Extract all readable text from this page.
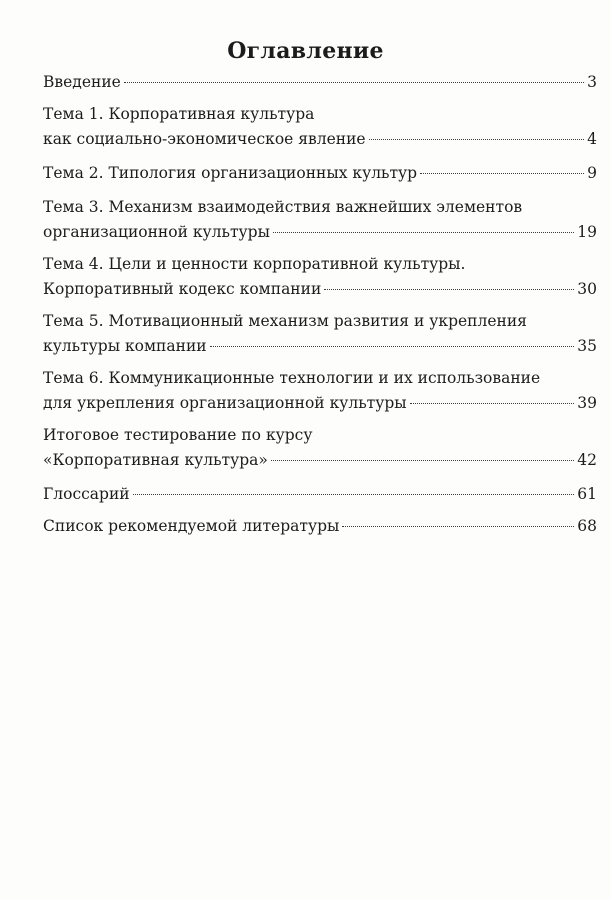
Оглавление
Введение	3
Тема 1. Корпоративная культура
как социально-экономическое явление	4
Тема 2. Типология организационных культур	9
Тема 3. Механизм взаимодействия важнейших элементов
организационной культуры	19
Тема 4. Цели и ценности корпоративной культуры.
Корпоративный кодекс компании	30
Тема 5. Мотивационный механизм развития и укрепления
культуры компании	35
Тема 6. Коммуникационные технологии и их использование
для укрепления организационной культуры	39
Итоговое тестирование по курсу
«Корпоративная культура»	42
Глоссарий	61
Список рекомендуемой литературы	68
